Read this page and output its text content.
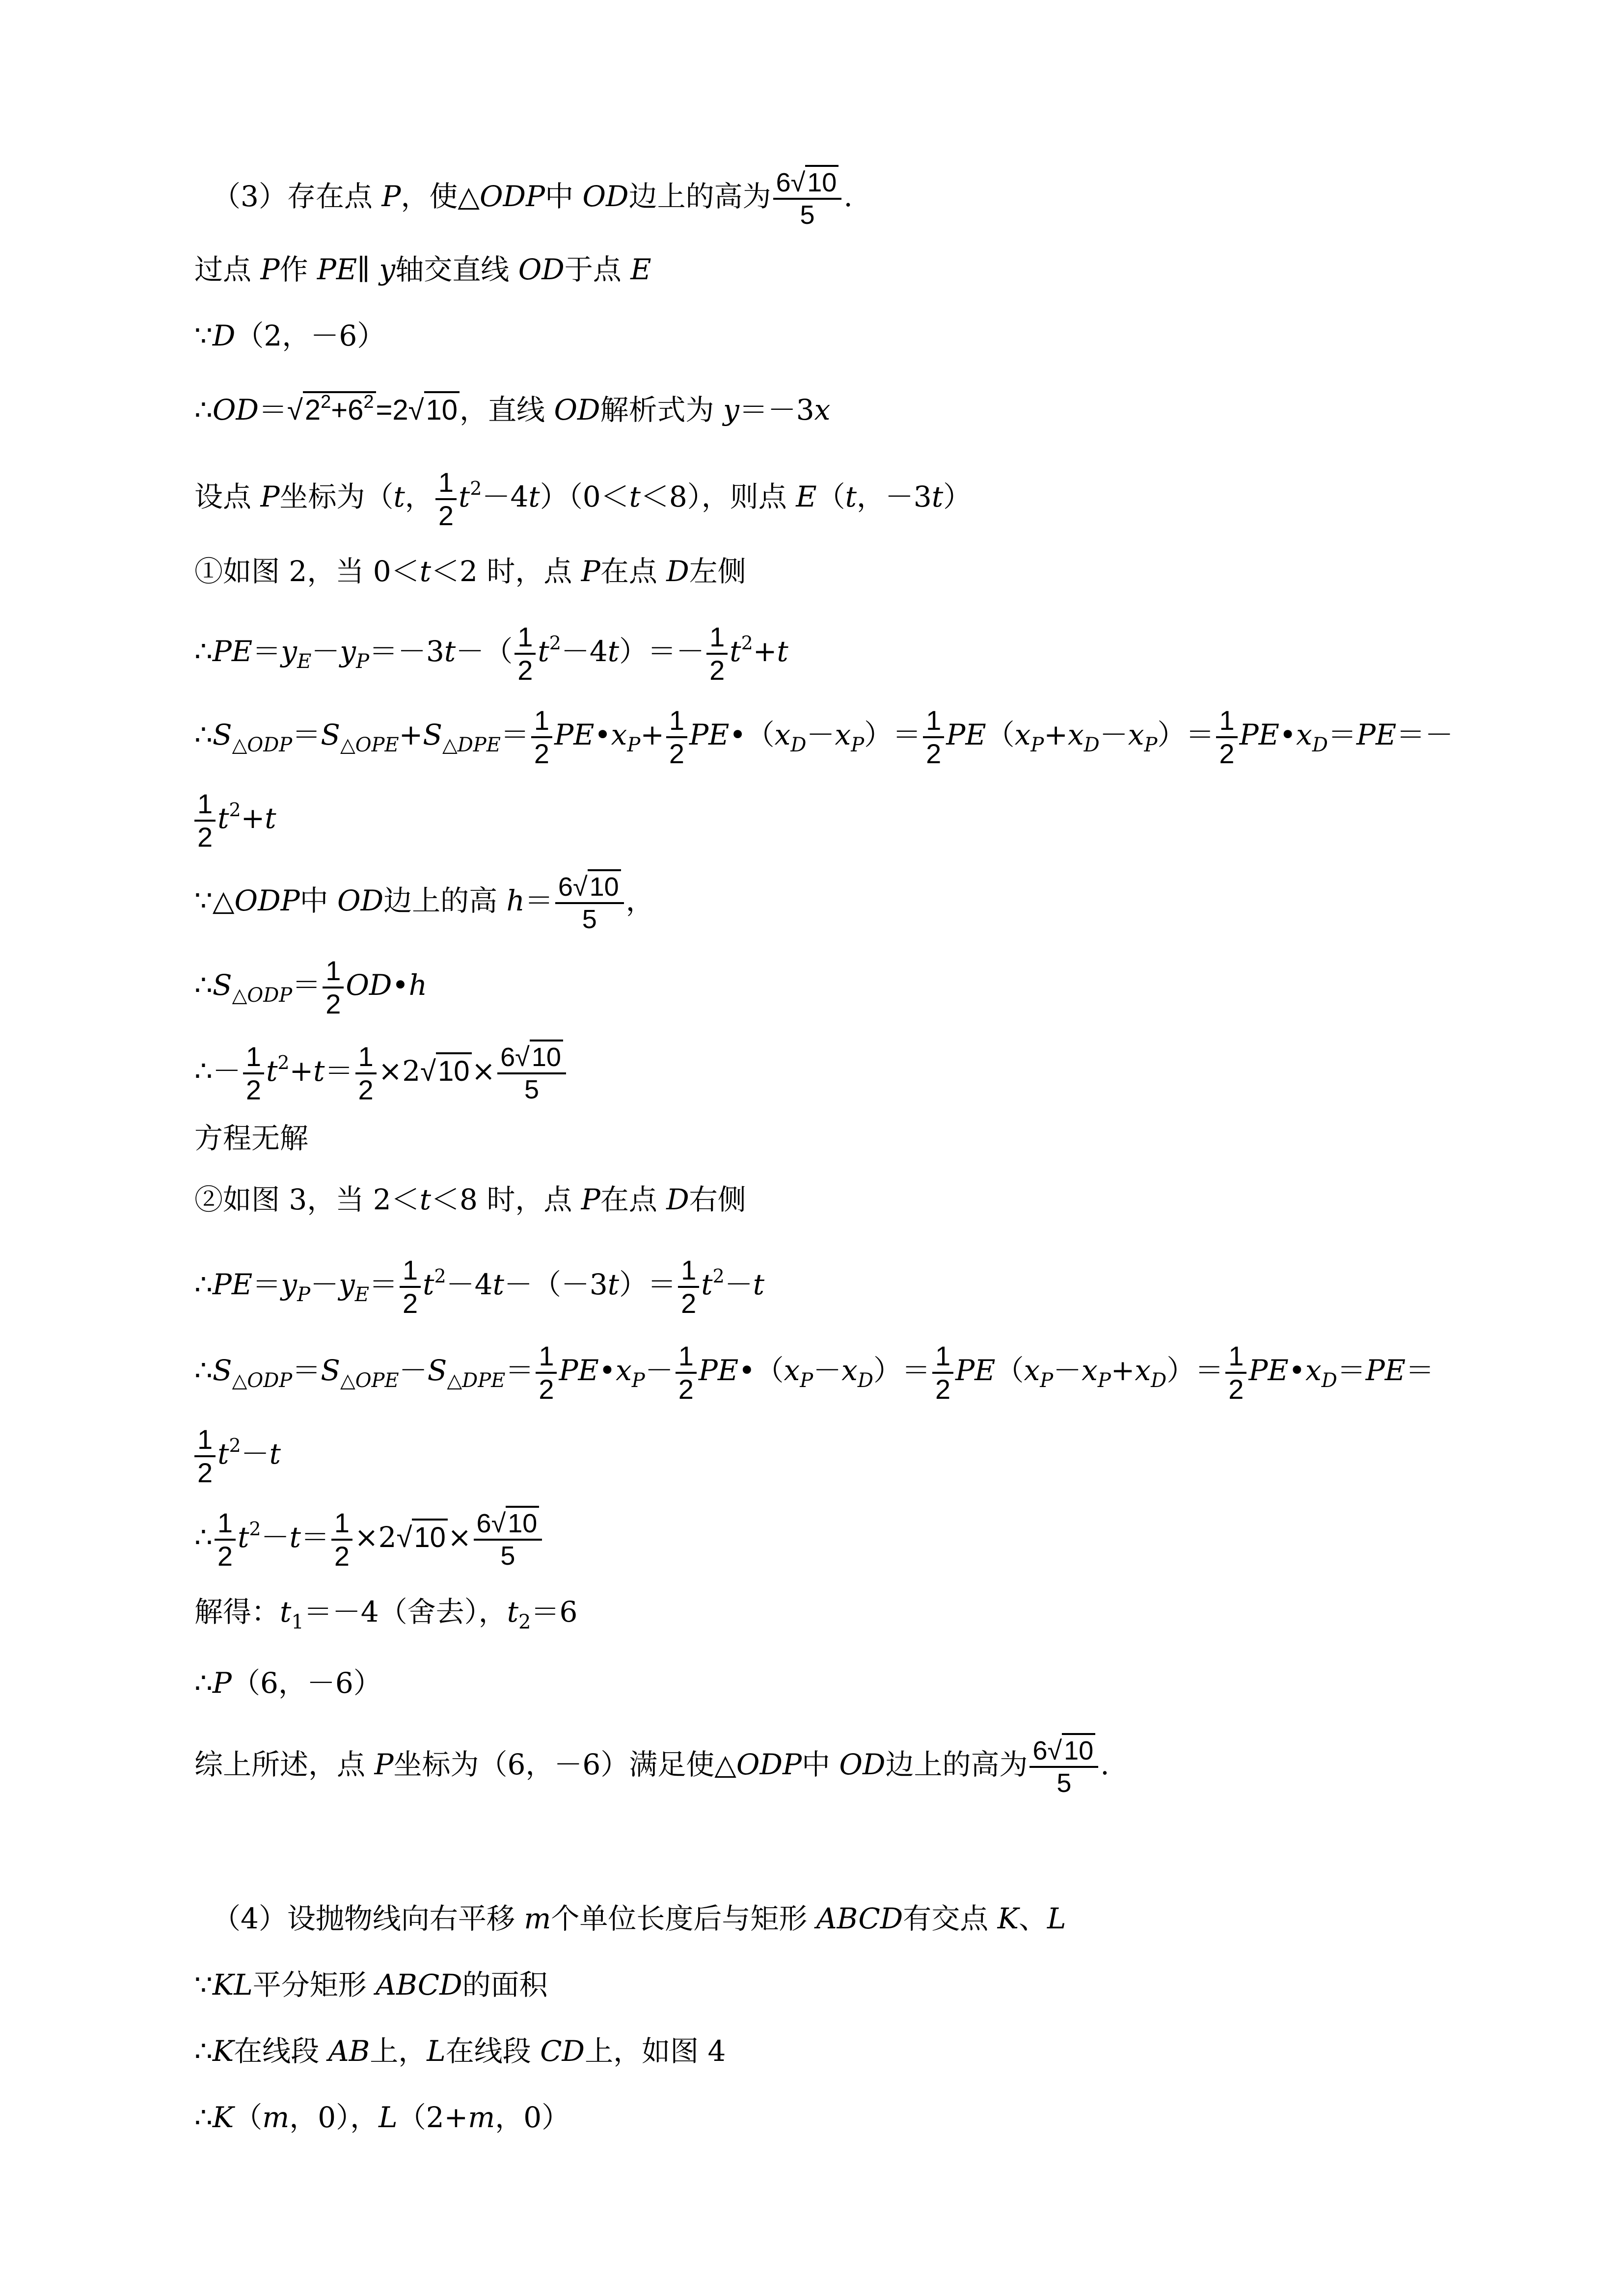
（3）存在点 P，使△ODP中 OD边上的高为 $\frac{6√10}{5}$ .
过点 P作 PE∥ y轴交直线 OD于点 E
∵D（2，－6）
$\therefore OD=√2^2+6^2=2√10$，直线 OD解析式为 y＝－3x
设点 P坐标为（t， $\frac{1}{2} t^2-4t)(0<t<8)$，则点 E（t，－3t）
①如图 2，当 0＜t＜2 时，点 P在点 D左侧
$\therefore PE=y_E-y_P=-3t-( \frac{1}{2} t^2-4t)=- \frac{1}{2} t^2+t$
$\therefore S_{\triangle ODP}=S_{\triangle OPE}+S_{\triangle DPE}= \frac{1}{2}$ $PE•x_P+ \frac{1}{2}$ $PE•(x_D-x_P)= \frac{1}{2} PE(x_P+x_D-x_P)= \frac{1}{2}$ $PE•x_D=PE=-$
$\frac{1}{2} t^2+t$
∵△ODP中 OD边上的高 $h= \frac{6√10}{5}$ ，
$\therefore S_{\triangle ODP}= \frac{1}{2}$ OD•h
∴－ $\frac{1}{2} t^2+t= \frac{1}{2} \times 2√10\times \frac{6√10}{5}$
方程无解
②如图 3，当 2＜t＜8 时，点 P在点 D右侧
$\therefore PE=y_P-y_E= \frac{1}{2} t^2-4t-(-3t)= \frac{1}{2} t^2-t$
$\therefore S_{\triangle ODP}=S_{\triangle OPE}-S_{\triangle DPE}= \frac{1}{2}$ $PE•x_P- \frac{1}{2}$ $PE•(x_P-x_D)= \frac{1}{2} PE(x_P-x_P+x_D)= \frac{1}{2}$ $PE•x_D=PE=$
$\frac{1}{2} t^2-t$
∴ $\frac{1}{2} t^2-t= \frac{1}{2} \times 2√10\times \frac{6√10}{5}$
解得：$t_1=-4$（舍去），$t_2=6$
∴P（6，－6）
综上所述，点 P坐标为（6，－6）满足使△ODP中 OD边上的高为 $\frac{6√10}{5}$ .
（4）设抛物线向右平移 m个单位长度后与矩形 ABCD有交点 K、L
∵KL平分矩形 ABCD的面积
∴K在线段 AB上，L在线段 CD上，如图 4
∴K（m，0），L（2+m，0）
